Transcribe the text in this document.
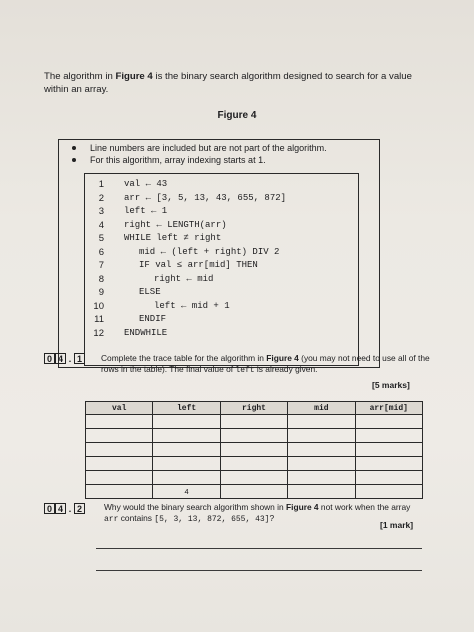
The algorithm in Figure 4 is the binary search algorithm designed to search for a value within an array.
Figure 4
Line numbers are included but are not part of the algorithm.
For this algorithm, array indexing starts at 1.
1 val ← 43
2 arr ← [3, 5, 13, 43, 655, 872]
3 left ← 1
4 right ← LENGTH(arr)
5 WHILE left ≠ right
6	mid ← (left + right) DIV 2
7	IF val ≤ arr[mid] THEN
8	right ← mid
9	ELSE
10	left ← mid + 1
11	ENDIF
12 ENDWHILE
0 4 . 1	Complete the trace table for the algorithm in Figure 4 (you may not need to use all of the rows in the table). The final value of left is already given.
[5 marks]
val	left	right	mid	arr[mid]

	4			
0 4 . 2	Why would the binary search algorithm shown in Figure 4 not work when the array
arr contains [5, 3, 13, 872, 655, 43]?
[1 mark]
